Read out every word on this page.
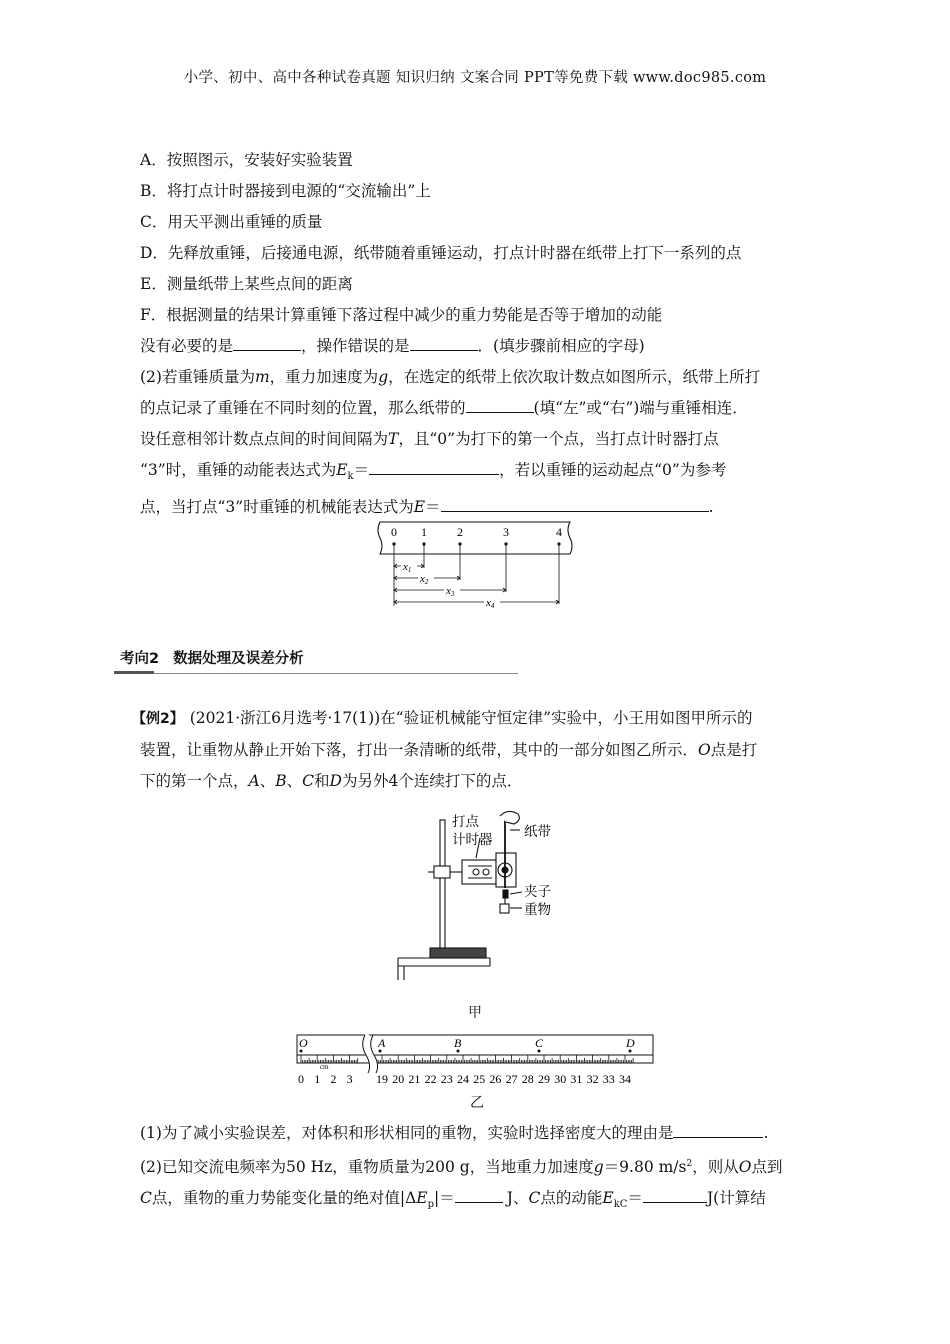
小学、初中、高中各种试卷真题 知识归纳 文案合同 PPT等免费下载 www.doc985.com
A．按照图示，安装好实验装置
B．将打点计时器接到电源的“交流输出”上
C．用天平测出重锤的质量
D．先释放重锤，后接通电源，纸带随着重锤运动，打点计时器在纸带上打下一系列的点
E．测量纸带上某些点间的距离
F．根据测量的结果计算重锤下落过程中减少的重力势能是否等于增加的动能
没有必要的是	，操作错误的是	．(填步骤前相应的字母)
(2)若重锤质量为m，重力加速度为g，在选定的纸带上依次取计数点如图所示，纸带上所打
的点记录了重锤在不同时刻的位置，那么纸带的	(填“左”或“右”)端与重锤相连．
设任意相邻计数点点间的时间间隔为T，且“0”为打下的第一个点，当打点计时器打点
“3”时，重锤的动能表达式为$E_k=$	，若以重锤的运动起点“0”为参考
点，当打点“3”时重锤的机械能表达式为E＝	.
0 1	2	3	4
x1
x2
x3
x4
考向2 数据处理及误差分析
【例2】 (2021·浙江6月选考·17(1))在“验证机械能守恒定律”实验中，小王用如图甲所示的
装置，让重物从静止开始下落，打出一条清晰的纸带，其中的一部分如图乙所示．O点是打
下的第一个点，A、B、C和D为另外4个连续打下的点．
打点
计时器 纸带
夹子
重物
甲
O	A	B	C	D
cm
0 1 2 3 19 20 21 22 23 24 25 26 27 28 29 30 31 32 33 34
乙
(1)为了减小实验误差，对体积和形状相同的重物，实验时选择密度大的理由是	.
(2)已知交流电频率为50 Hz，重物质量为200 g，当地重力加速度g＝9.80 $m/s^2$，则从O点到
C点，重物的重力势能变化量的绝对值$|\Delta E_p|=$	J、C点的动能$E_{kC}=$	J(计算结
